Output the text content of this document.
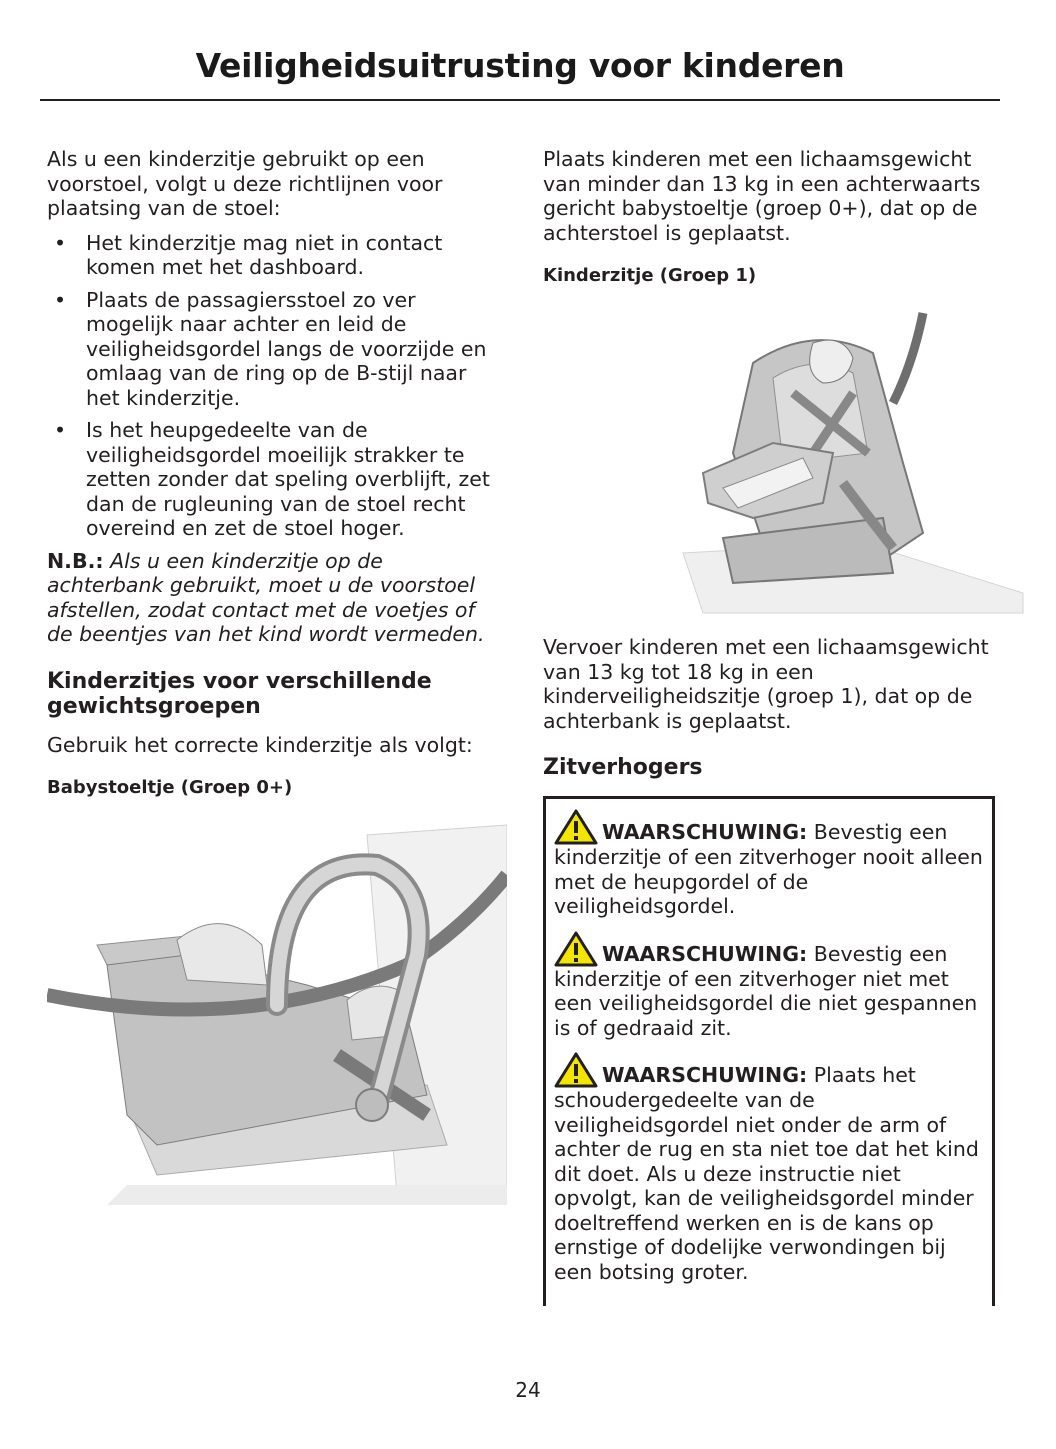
Veiligheidsuitrusting voor kinderen

Als u een kinderzitje gebruikt op een voorstoel, volgt u deze richtlijnen voor plaatsing van de stoel:

• Het kinderzitje mag niet in contact komen met het dashboard.
• Plaats de passagiersstoel zo ver mogelijk naar achter en leid de veiligheidsgordel langs de voorzijde en omlaag van de ring op de B-stijl naar het kinderzitje.
• Is het heupgedeelte van de veiligheidsgordel moeilijk strakker te zetten zonder dat speling overblijft, zet dan de rugleuning van de stoel recht overeind en zet de stoel hoger.

N.B.: Als u een kinderzitje op de achterbank gebruikt, moet u de voorstoel afstellen, zodat contact met de voetjes of de beentjes van het kind wordt vermeden.

Kinderzitjes voor verschillende gewichtsgroepen

Gebruik het correcte kinderzitje als volgt:

Babystoeltje (Groep 0+)

Plaats kinderen met een lichaamsgewicht van minder dan 13 kg in een achterwaarts gericht babystoeltje (groep 0+), dat op de achterstoel is geplaatst.

Kinderzitje (Groep 1)

Vervoer kinderen met een lichaamsgewicht van 13 kg tot 18 kg in een kinderveiligheidszitje (groep 1), dat op de achterbank is geplaatst.

Zitverhogers

WAARSCHUWING: Bevestig een kinderzitje of een zitverhoger nooit alleen met de heupgordel of de veiligheidsgordel.

WAARSCHUWING: Bevestig een kinderzitje of een zitverhoger niet met een veiligheidsgordel die niet gespannen is of gedraaid zit.

WAARSCHUWING: Plaats het schoudergedeelte van de veiligheidsgordel niet onder de arm of achter de rug en sta niet toe dat het kind dit doet. Als u deze instructie niet opvolgt, kan de veiligheidsgordel minder doeltreffend werken en is de kans op ernstige of dodelijke verwondingen bij een botsing groter.

24
